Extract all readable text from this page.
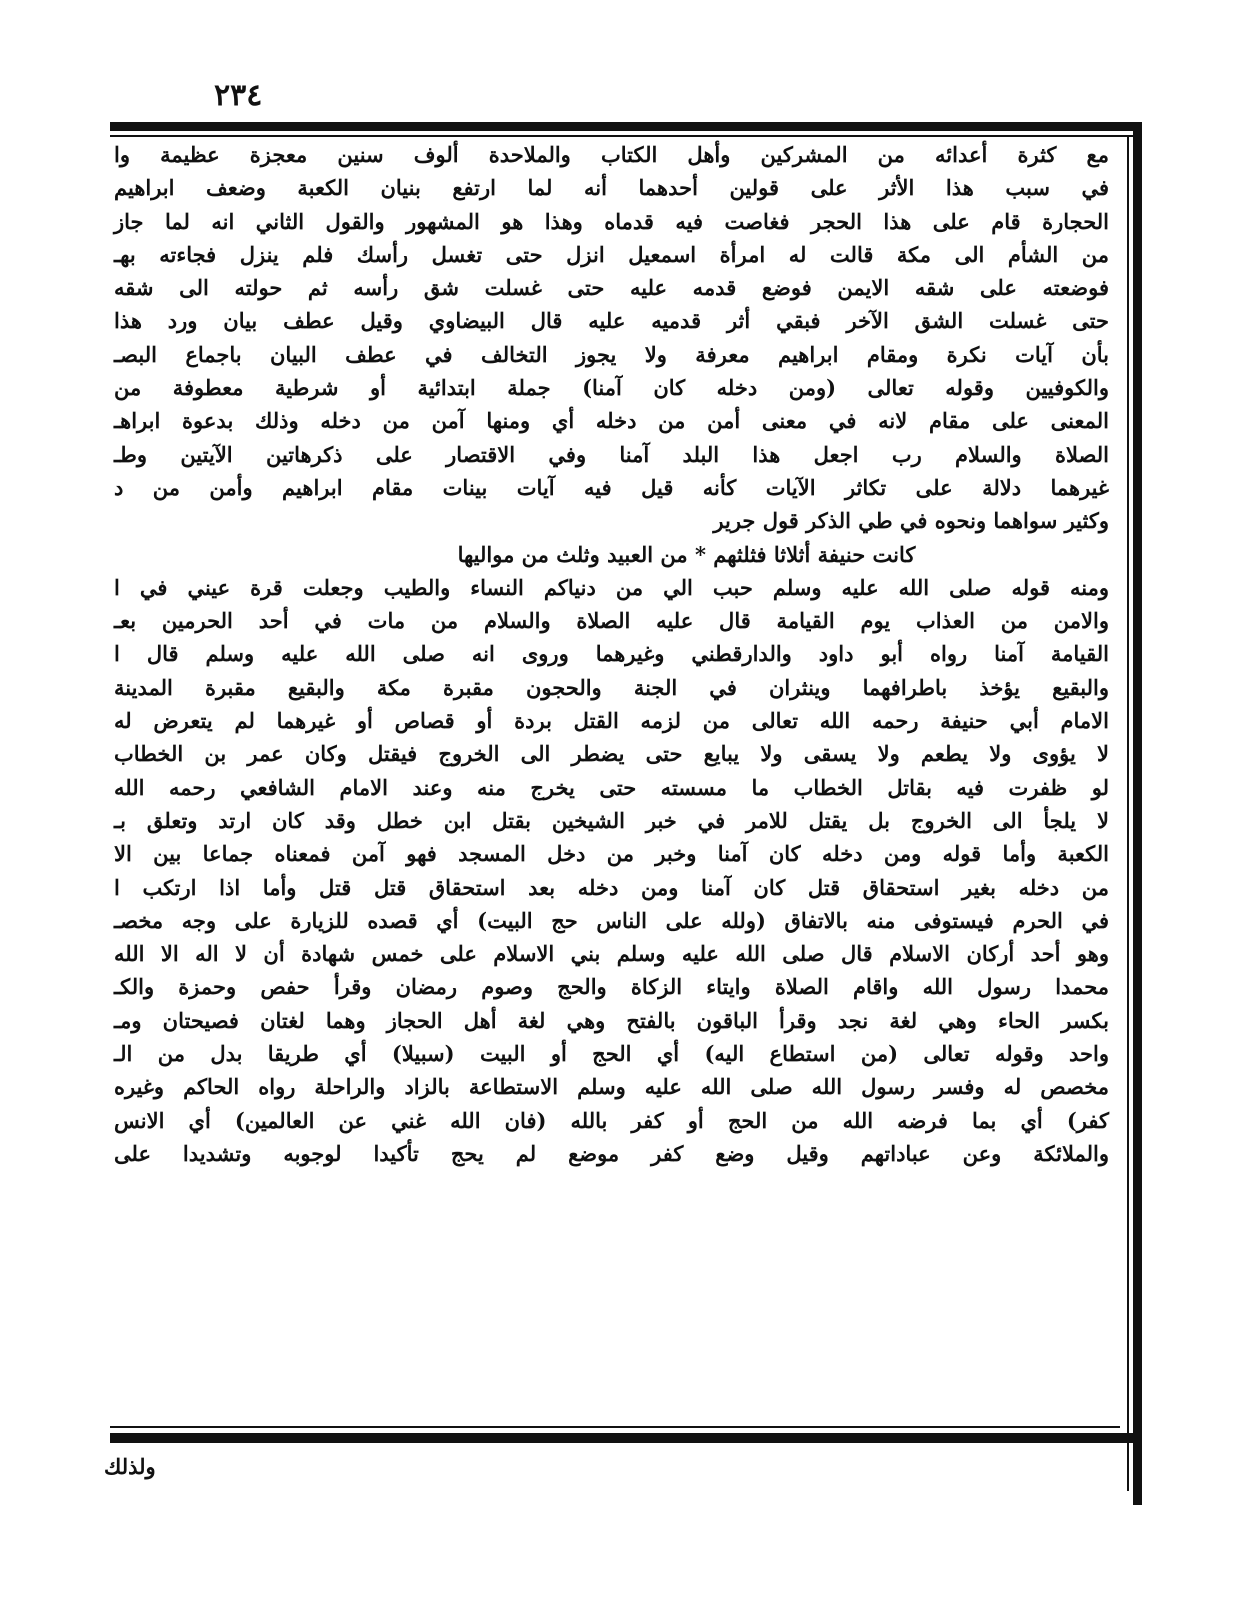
٢٣٤
مع كثرة أعدائه من المشركين وأهل الكتاب والملاحدة ألوف سنين معجزة عظيمة وا
في سبب هذا الأثر على قولين أحدهما أنه لما ارتفع بنيان الكعبة وضعف ابراهيم
الحجارة قام على هذا الحجر فغاصت فيه قدماه وهذا هو المشهور والقول الثاني انه لما جاز
من الشأم الى مكة قالت له امرأة اسمعيل انزل حتى تغسل رأسك فلم ينزل فجاءته بهـ
فوضعته على شقه الايمن فوضع قدمه عليه حتى غسلت شق رأسه ثم حولته الى شقه
حتى غسلت الشق الآخر فبقي أثر قدميه عليه قال البيضاوي وقيل عطف بيان ورد هذا
بأن آيات نكرة ومقام ابراهيم معرفة ولا يجوز التخالف في عطف البيان باجماع البصـ
والكوفيين وقوله تعالى (ومن دخله كان آمنا) جملة ابتدائية أو شرطية معطوفة من
المعنى على مقام لانه في معنى أمن من دخله أي ومنها آمن من دخله وذلك بدعوة ابراهـ
الصلاة والسلام رب اجعل هذا البلد آمنا وفي الاقتصار على ذكرهاتين الآيتين وطـ
غيرهما دلالة على تكاثر الآيات كأنه قيل فيه آيات بينات مقام ابراهيم وأمن من د
وكثير سواهما ونحوه في طي الذكر قول جرير
كانت حنيفة أثلاثا فثلثهم * من العبيد وثلث من مواليها
ومنه قوله صلى الله عليه وسلم حبب الي من دنياكم النساء والطيب وجعلت قرة عيني في ا
والامن من العذاب يوم القيامة قال عليه الصلاة والسلام من مات في أحد الحرمين بعـ
القيامة آمنا رواه أبو داود والدارقطني وغيرهما وروى انه صلى الله عليه وسلم قال ا
والبقيع يؤخذ باطرافهما وينثران في الجنة والحجون مقبرة مكة والبقيع مقبرة المدينة
الامام أبي حنيفة رحمه الله تعالى من لزمه القتل بردة أو قصاص أو غيرهما لم يتعرض له
لا يؤوى ولا يطعم ولا يسقى ولا يبايع حتى يضطر الى الخروج فيقتل وكان عمر بن الخطاب
لو ظفرت فيه بقاتل الخطاب ما مسسته حتى يخرج منه وعند الامام الشافعي رحمه الله
لا يلجأ الى الخروج بل يقتل للامر في خبر الشيخين بقتل ابن خطل وقد كان ارتد وتعلق بـ
الكعبة وأما قوله ومن دخله كان آمنا وخبر من دخل المسجد فهو آمن فمعناه جماعا بين الا
من دخله بغير استحقاق قتل كان آمنا ومن دخله بعد استحقاق قتل قتل وأما اذا ارتكب ا
في الحرم فيستوفى منه بالاتفاق (ولله على الناس حج البيت) أي قصده للزيارة على وجه مخصـ
وهو أحد أركان الاسلام قال صلى الله عليه وسلم بني الاسلام على خمس شهادة أن لا اله الا الله
محمدا رسول الله واقام الصلاة وايتاء الزكاة والحج وصوم رمضان وقرأ حفص وحمزة والكـ
بكسر الحاء وهي لغة نجد وقرأ الباقون بالفتح وهي لغة أهل الحجاز وهما لغتان فصيحتان ومـ
واحد وقوله تعالى (من استطاع اليه) أي الحج أو البيت (سبيلا) أي طريقا بدل من الـ
مخصص له وفسر رسول الله صلى الله عليه وسلم الاستطاعة بالزاد والراحلة رواه الحاكم وغيره
كفر) أي بما فرضه الله من الحج أو كفر بالله (فان الله غني عن العالمين) أي الانس
والملائكة وعن عباداتهم وقيل وضع كفر موضع لم يحج تأكيدا لوجوبه وتشديدا على
ولذلك
